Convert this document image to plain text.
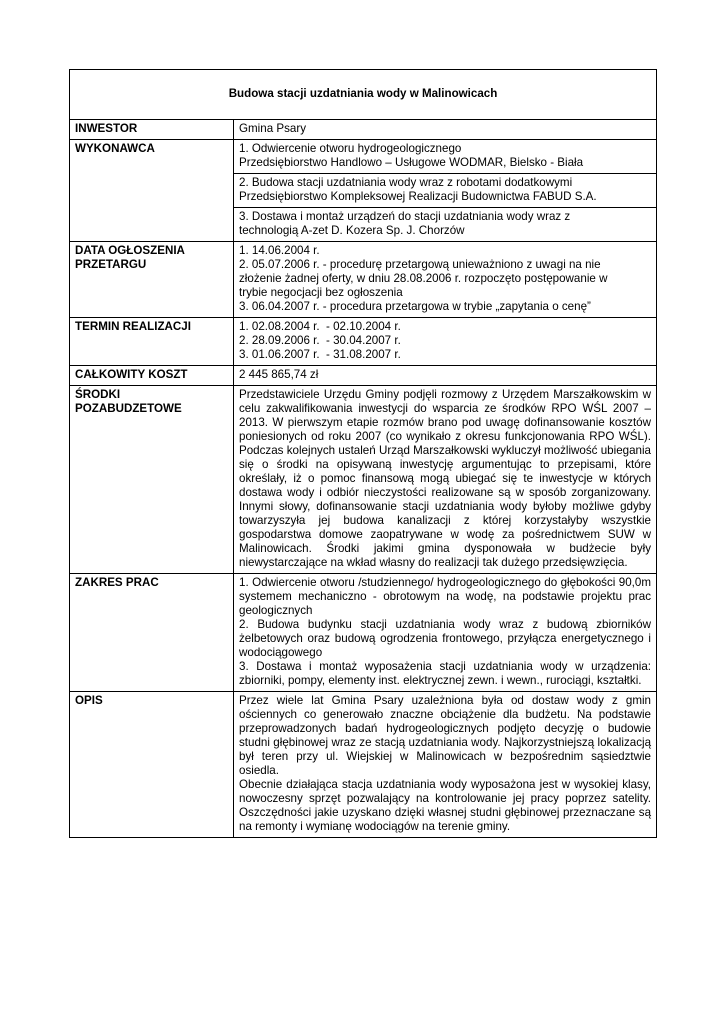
Budowa stacji uzdatniania wody w Malinowicach	
INWESTOR	Gmina Psary
WYKONAWCA	1. Odwiercenie otworu hydrogeologicznego
Przedsiębiorstwo Handlowo – Usługowe WODMAR, Bielsko - Biała

	2. Budowa stacji uzdatniania wody wraz z robotami dodatkowymi
Przedsiębiorstwo Kompleksowej Realizacji Budownictwa FABUD S.A.

	3. Dostawa i montaż urządzeń do stacji uzdatniania wody wraz z
technologią A-zet D. Kozera Sp. J. Chorzów

DATA OGŁOSZENIA
PRZETARGU	1. 14.06.2004 r.
2. 05.07.2006 r. - procedurę przetargową unieważniono z uwagi na nie
złożenie żadnej oferty, w dniu 28.08.2006 r. rozpoczęto postępowanie w
trybie negocjacji bez ogłoszenia
3. 06.04.2007 r. - procedura przetargowa w trybie „zapytania o cenę”

TERMIN REALIZACJI	1. 02.08.2004 r.  - 02.10.2004 r.
2. 28.09.2006 r.  - 30.04.2007 r.
3. 01.06.2007 r.  - 31.08.2007 r.

CAŁKOWITY KOSZT	2 445 865,74 zł

ŚRODKI
POZABUDZETOWE	Przedstawiciele Urzędu Gminy podjęli rozmowy z Urzędem Marszałkowskim w celu zakwalifikowania inwestycji do wsparcia ze środków RPO WŚL 2007 – 2013. W pierwszym etapie rozmów brano pod uwagę dofinansowanie kosztów poniesionych od roku 2007 (co wynikało z okresu funkcjonowania RPO WŚL). Podczas kolejnych ustaleń Urząd Marszałkowski wykluczył możliwość ubiegania się o środki na opisywaną inwestycję argumentując to przepisami, które określały, iż o pomoc finansową mogą ubiegać się te inwestycje w których dostawa wody i odbiór nieczystości realizowane są w sposób zorganizowany. Innymi słowy, dofinansowanie stacji uzdatniania wody byłoby możliwe gdyby towarzyszyła jej budowa kanalizacji z której korzystałyby wszystkie gospodarstwa domowe zaopatrywane w wodę za pośrednictwem SUW w Malinowicach. Środki jakimi gmina dysponowała w budżecie były niewystarczające na wkład własny do realizacji tak dużego przedsięwzięcia.
ZAKRES PRAC	1. Odwiercenie otworu /studziennego/ hydrogeologicznego do głębokości 90,0m systemem mechaniczno - obrotowym na wodę, na podstawie projektu prac geologicznych
2. Budowa budynku stacji uzdatniania wody wraz z budową zbiorników żelbetowych oraz budową ogrodzenia frontowego, przyłącza energetycznego i wodociągowego
3. Dostawa i montaż wyposażenia stacji uzdatniania wody w urządzenia: zbiorniki, pompy, elementy inst. elektrycznej zewn. i wewn., rurociągi, kształtki.

OPIS	Przez wiele lat Gmina Psary uzależniona była od dostaw wody z gmin ościennych co generowało znaczne obciążenie dla budżetu. Na podstawie przeprowadzonych badań hydrogeologicznych podjęto decyzję o budowie studni głębinowej wraz ze stacją uzdatniania wody. Najkorzystniejszą lokalizacją był teren przy ul. Wiejskiej w Malinowicach w bezpośrednim sąsiedztwie osiedla.
Obecnie działająca stacja uzdatniania wody wyposażona jest w wysokiej klasy, nowoczesny sprzęt pozwalający na kontrolowanie jej pracy poprzez satelity. Oszczędności jakie uzyskano dzięki własnej studni głębinowej przeznaczane są na remonty i wymianę wodociągów na terenie gminy.
